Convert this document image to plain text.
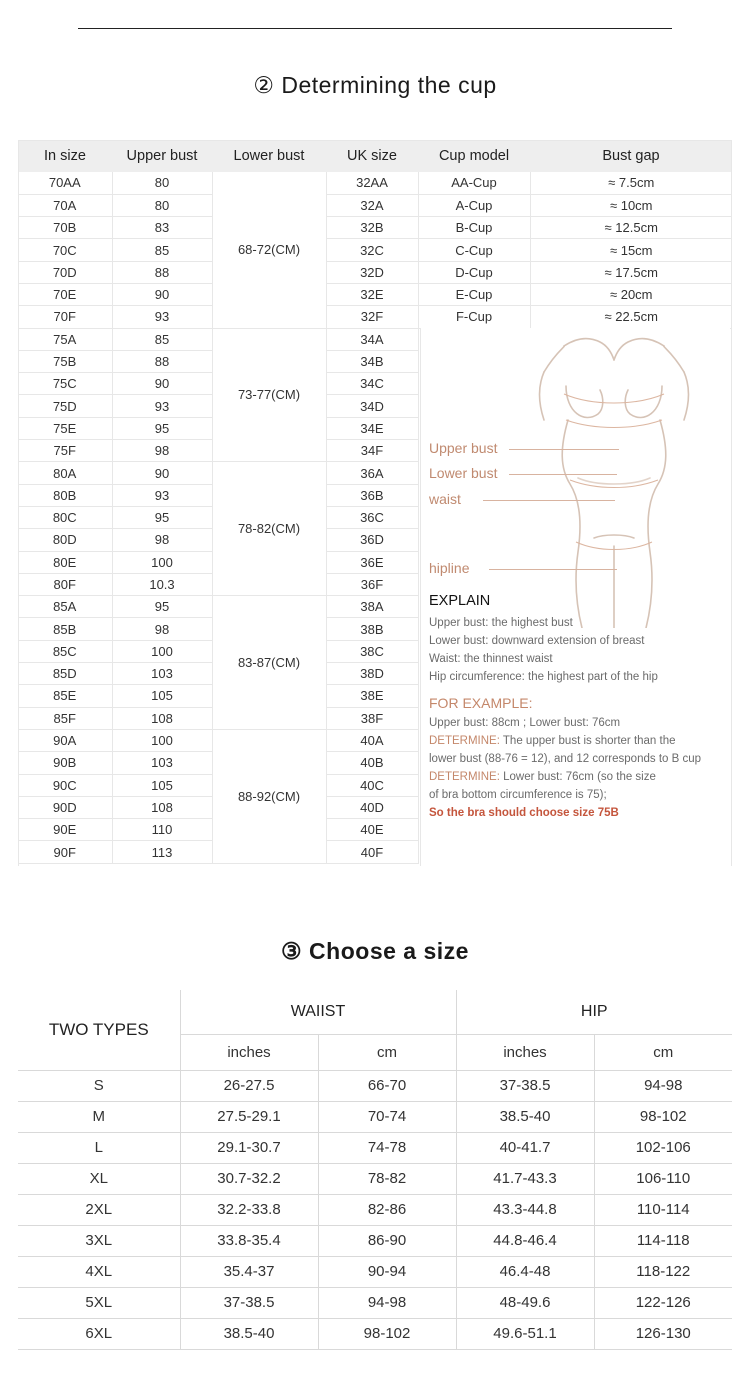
② Determining the cup
In size	Upper bust	Lower bust	UK size	Cup model	Bust gap
70AA	80	68-72(CM)	32AA	AA-Cup	≈ 7.5cm
70A	80		32A	A-Cup	≈ 10cm
70B	83		32B	B-Cup	≈ 12.5cm
70C	85		32C	C-Cup	≈ 15cm
70D	88		32D	D-Cup	≈ 17.5cm
70E	90		32E	E-Cup	≈ 20cm
70F	93		32F	F-Cup	≈ 22.5cm
75A	85	73-77(CM)	34A		
75B	88		34B		
75C	90		34C		
75D	93		34D		
75E	95		34E		
75F	98		34F		
80A	90	78-82(CM)	36A		
80B	93		36B		
80C	95		36C		
80D	98		36D		
80E	100		36E		
80F	10.3		36F		
85A	95	83-87(CM)	38A		
85B	98		38B		
85C	100		38C		
85D	103		38D		
85E	105		38E		
85F	108		38F		
90A	100	88-92(CM)	40A		
90B	103		40B		
90C	105		40C		
90D	108		40D		
90E	110		40E		
90F	113		40F		
Upper bust
Lower bust
waist
hipline
EXPLAIN

Upper bust: the highest bust

Lower bust: downward extension of breast

Waist: the thinnest waist

Hip circumference: the highest part of the hip

FOR EXAMPLE:

Upper bust: 88cm ; Lower bust: 76cm

DETERMINE: The upper bust is shorter than the

lower bust (88-76 = 12), and 12 corresponds to B cup

DETERMINE: Lower bust: 76cm (so the size

of bra bottom circumference is 75);

So the bra should choose size 75B

③ Choose a size
TWO TYPES	WAIIST		HIP	
	inches	cm	inches	cm
S	26-27.5	66-70	37-38.5	94-98
M	27.5-29.1	70-74	38.5-40	98-102
L	29.1-30.7	74-78	40-41.7	102-106
XL	30.7-32.2	78-82	41.7-43.3	106-110
2XL	32.2-33.8	82-86	43.3-44.8	110-114
3XL	33.8-35.4	86-90	44.8-46.4	114-118
4XL	35.4-37	90-94	46.4-48	118-122
5XL	37-38.5	94-98	48-49.6	122-126
6XL	38.5-40	98-102	49.6-51.1	126-130
